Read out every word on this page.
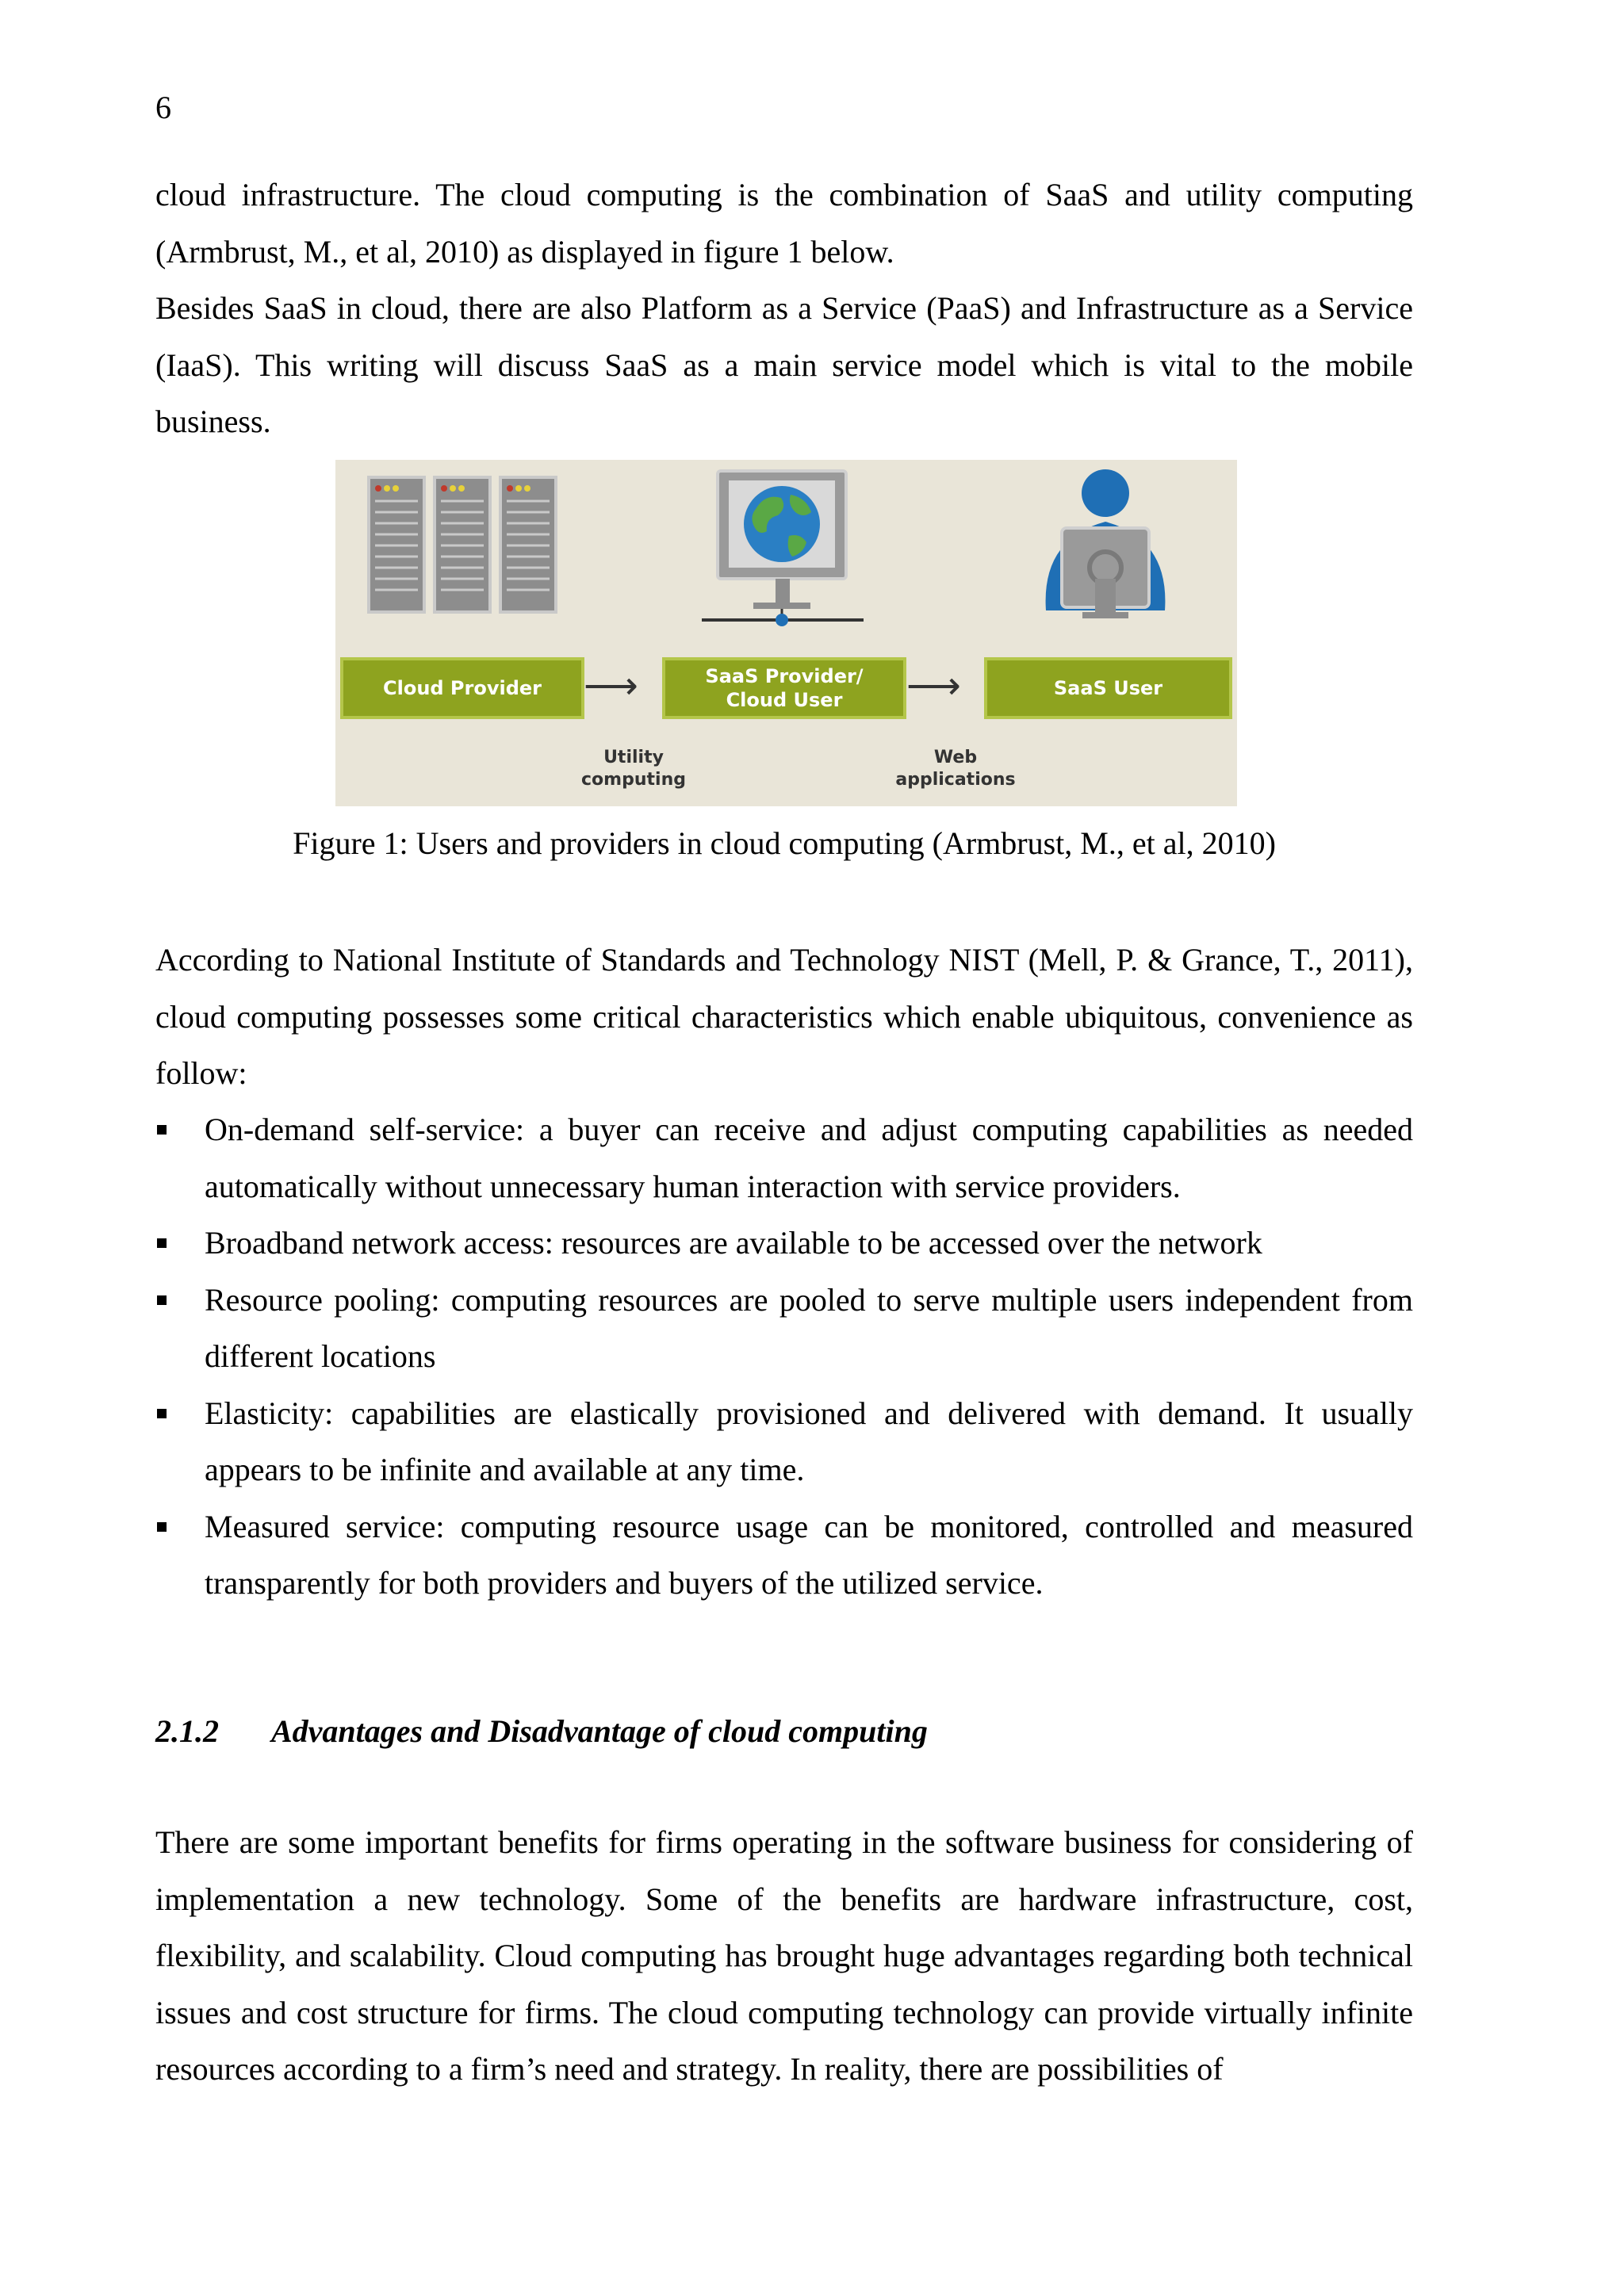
6

cloud infrastructure. The cloud computing is the combination of SaaS and utility computing (Armbrust, M., et al, 2010) as displayed in figure 1 below.

Besides SaaS in cloud, there are also Platform as a Service (PaaS) and Infrastructure as a Service (IaaS). This writing will discuss SaaS as a main service model which is vital to the mobile business.

Cloud Provider	⟶	SaaS Provider/
Cloud User	⟶	SaaS User
Utility
computing
Web
applications
Figure 1: Users and providers in cloud computing (Armbrust, M., et al, 2010)

According to National Institute of Standards and Technology NIST (Mell, P. & Grance, T., 2011), cloud computing possesses some critical characteristics which enable ubiquitous, convenience as follow:

On-demand self-service: a buyer can receive and adjust computing capabilities as needed automatically without unnecessary human interaction with service providers.
Broadband network access: resources are available to be accessed over the network
Resource pooling: computing resources are pooled to serve multiple users independent from different locations
Elasticity: capabilities are elastically provisioned and delivered with demand. It usually appears to be infinite and available at any time.
Measured service: computing resource usage can be monitored, controlled and measured transparently for both providers and buyers of the utilized service.
2.1.2 Advantages and Disadvantage of cloud computing

There are some important benefits for firms operating in the software business for considering of implementation a new technology. Some of the benefits are hardware infrastructure, cost, flexibility, and scalability. Cloud computing has brought huge advantages regarding both technical issues and cost structure for firms. The cloud computing technology can provide virtually infinite resources according to a firm’s need and strategy. In reality, there are possibilities of
